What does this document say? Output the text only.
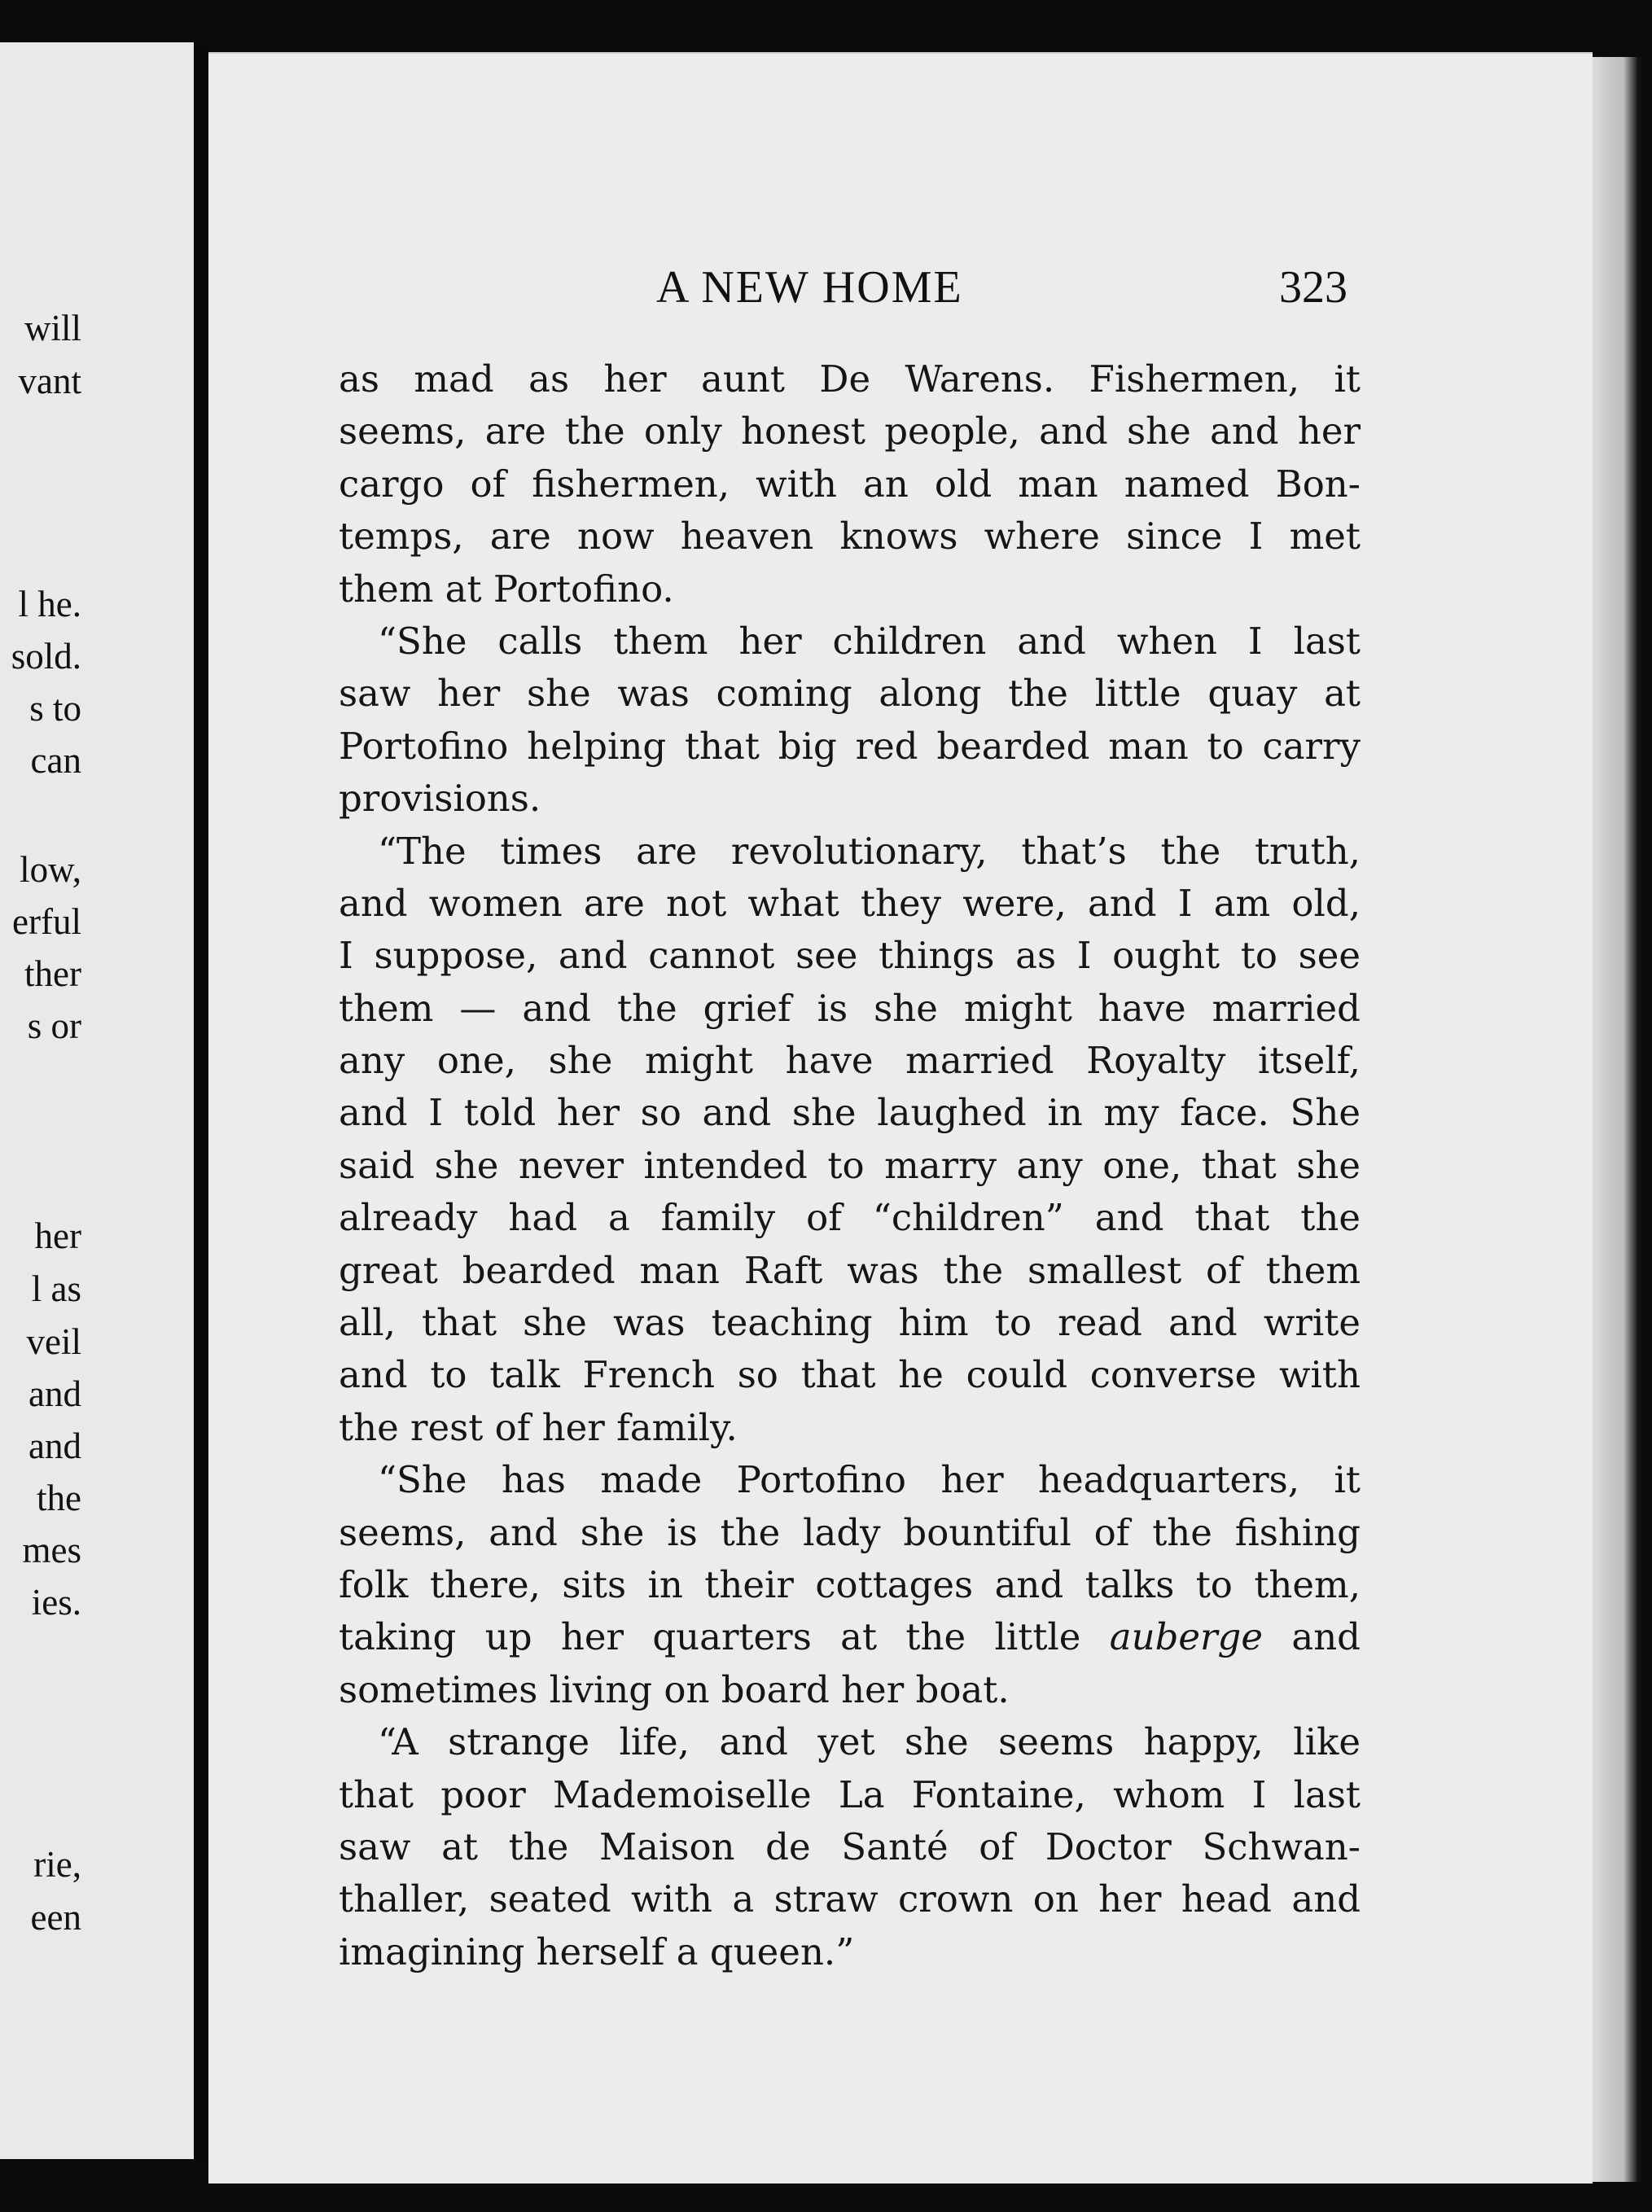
will
vant
l he.
sold.
s to
can
low,
erful
ther
s or
her
l as
veil
and
and
the
mes
ies.
rie,
een
A NEW HOME	323
as mad as her aunt De Warens. Fishermen, it
seems, are the only honest people, and she and her
cargo of fishermen, with an old man named Bon-
temps, are now heaven knows where since I met
them at Portofino.
“She calls them her children and when I last
saw her she was coming along the little quay at
Portofino helping that big red bearded man to carry
provisions.
“The times are revolutionary, that’s the truth,
and women are not what they were, and I am old,
I suppose, and cannot see things as I ought to see
them — and the grief is she might have married
any one, she might have married Royalty itself,
and I told her so and she laughed in my face. She
said she never intended to marry any one, that she
already had a family of “children” and that the
great bearded man Raft was the smallest of them
all, that she was teaching him to read and write
and to talk French so that he could converse with
the rest of her family.
“She has made Portofino her headquarters, it
seems, and she is the lady bountiful of the fishing
folk there, sits in their cottages and talks to them,
taking up her quarters at the little auberge and
sometimes living on board her boat.
“A strange life, and yet she seems happy, like
that poor Mademoiselle La Fontaine, whom I last
saw at the Maison de Santé of Doctor Schwan-
thaller, seated with a straw crown on her head and
imagining herself a queen.”
